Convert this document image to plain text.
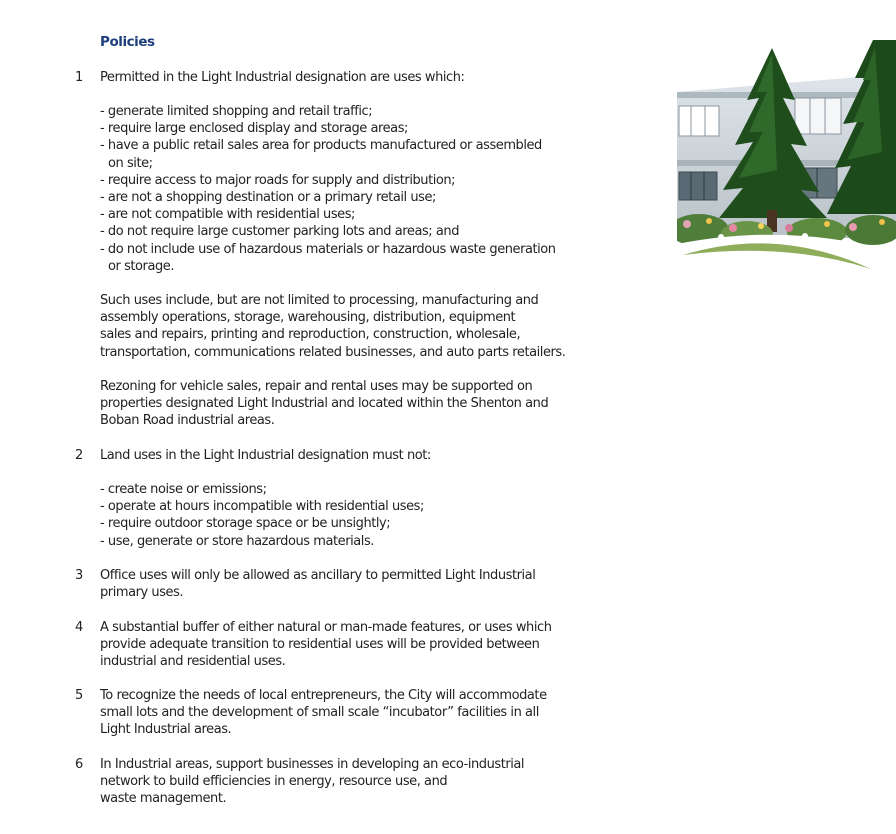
Policies
1	Permitted in the Light Industrial designation are uses which:
- generate limited shopping and retail traffic;
- require large enclosed display and storage areas;
- have a public retail sales area for products manufactured or assembled
on site;
- require access to major roads for supply and distribution;
- are not a shopping destination or a primary retail use;
- are not compatible with residential uses;
- do not require large customer parking lots and areas; and
- do not include use of hazardous materials or hazardous waste generation
or storage.
Such uses include, but are not limited to processing, manufacturing and
assembly operations, storage, warehousing, distribution, equipment
sales and repairs, printing and reproduction, construction, wholesale,
transportation, communications related businesses, and auto parts retailers.
Rezoning for vehicle sales, repair and rental uses may be supported on
properties designated Light Industrial and located within the Shenton and
Boban Road industrial areas.
2	Land uses in the Light Industrial designation must not:
- create noise or emissions;
- operate at hours incompatible with residential uses;
- require outdoor storage space or be unsightly;
- use, generate or store hazardous materials.
3	Office uses will only be allowed as ancillary to permitted Light Industrial
primary uses.
4	A substantial buffer of either natural or man-made features, or uses which
provide adequate transition to residential uses will be provided between
industrial and residential uses.
5	To recognize the needs of local entrepreneurs, the City will accommodate
small lots and the development of small scale “incubator” facilities in all
Light Industrial areas.
6	In Industrial areas, support businesses in developing an eco-industrial
network to build efficiencies in energy, resource use, and
waste management.
